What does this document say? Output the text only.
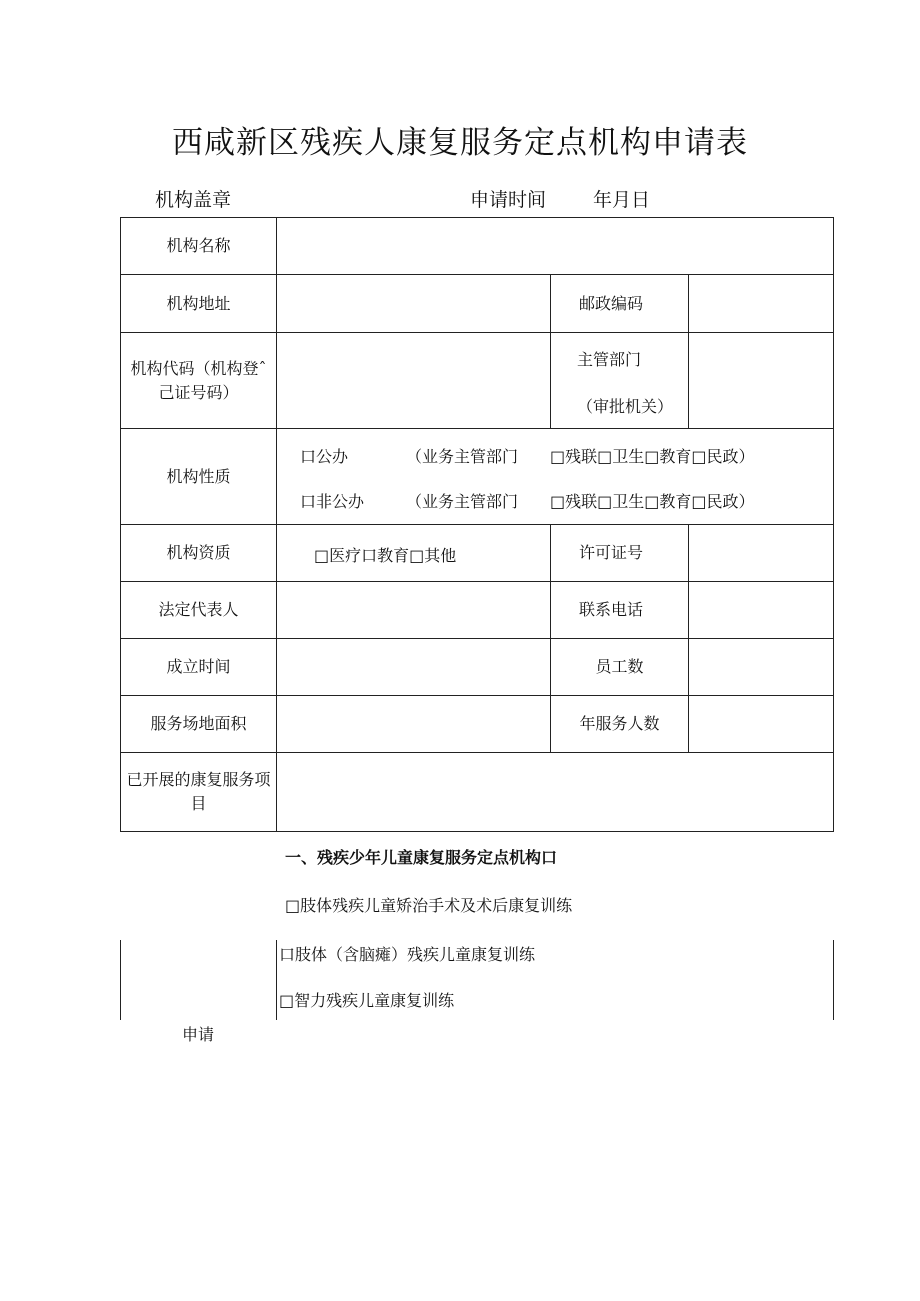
西咸新区残疾人康复服务定点机构申请表
机构盖章	申请时间 年月日
机构名称
机构地址	邮政编码
机构代码（机构登ˆ
己证号码）
主管部门
（审批机关）
机构性质
口公办	（业务主管部门 □残联□卫生□教育□民政）
口非公办	（业务主管部门 □残联□卫生□教育□民政）
机构资质	□医疗口教育□其他	许可证号
法定代表人	联系电话
成立时间	员工数
服务场地面积	年服务人数
已开展的康复服务项
目
一、残疾少年儿童康复服务定点机构口
□肢体残疾儿童矫治手术及术后康复训练
口肢体（含脑瘫）残疾儿童康复训练
□智力残疾儿童康复训练
申请
